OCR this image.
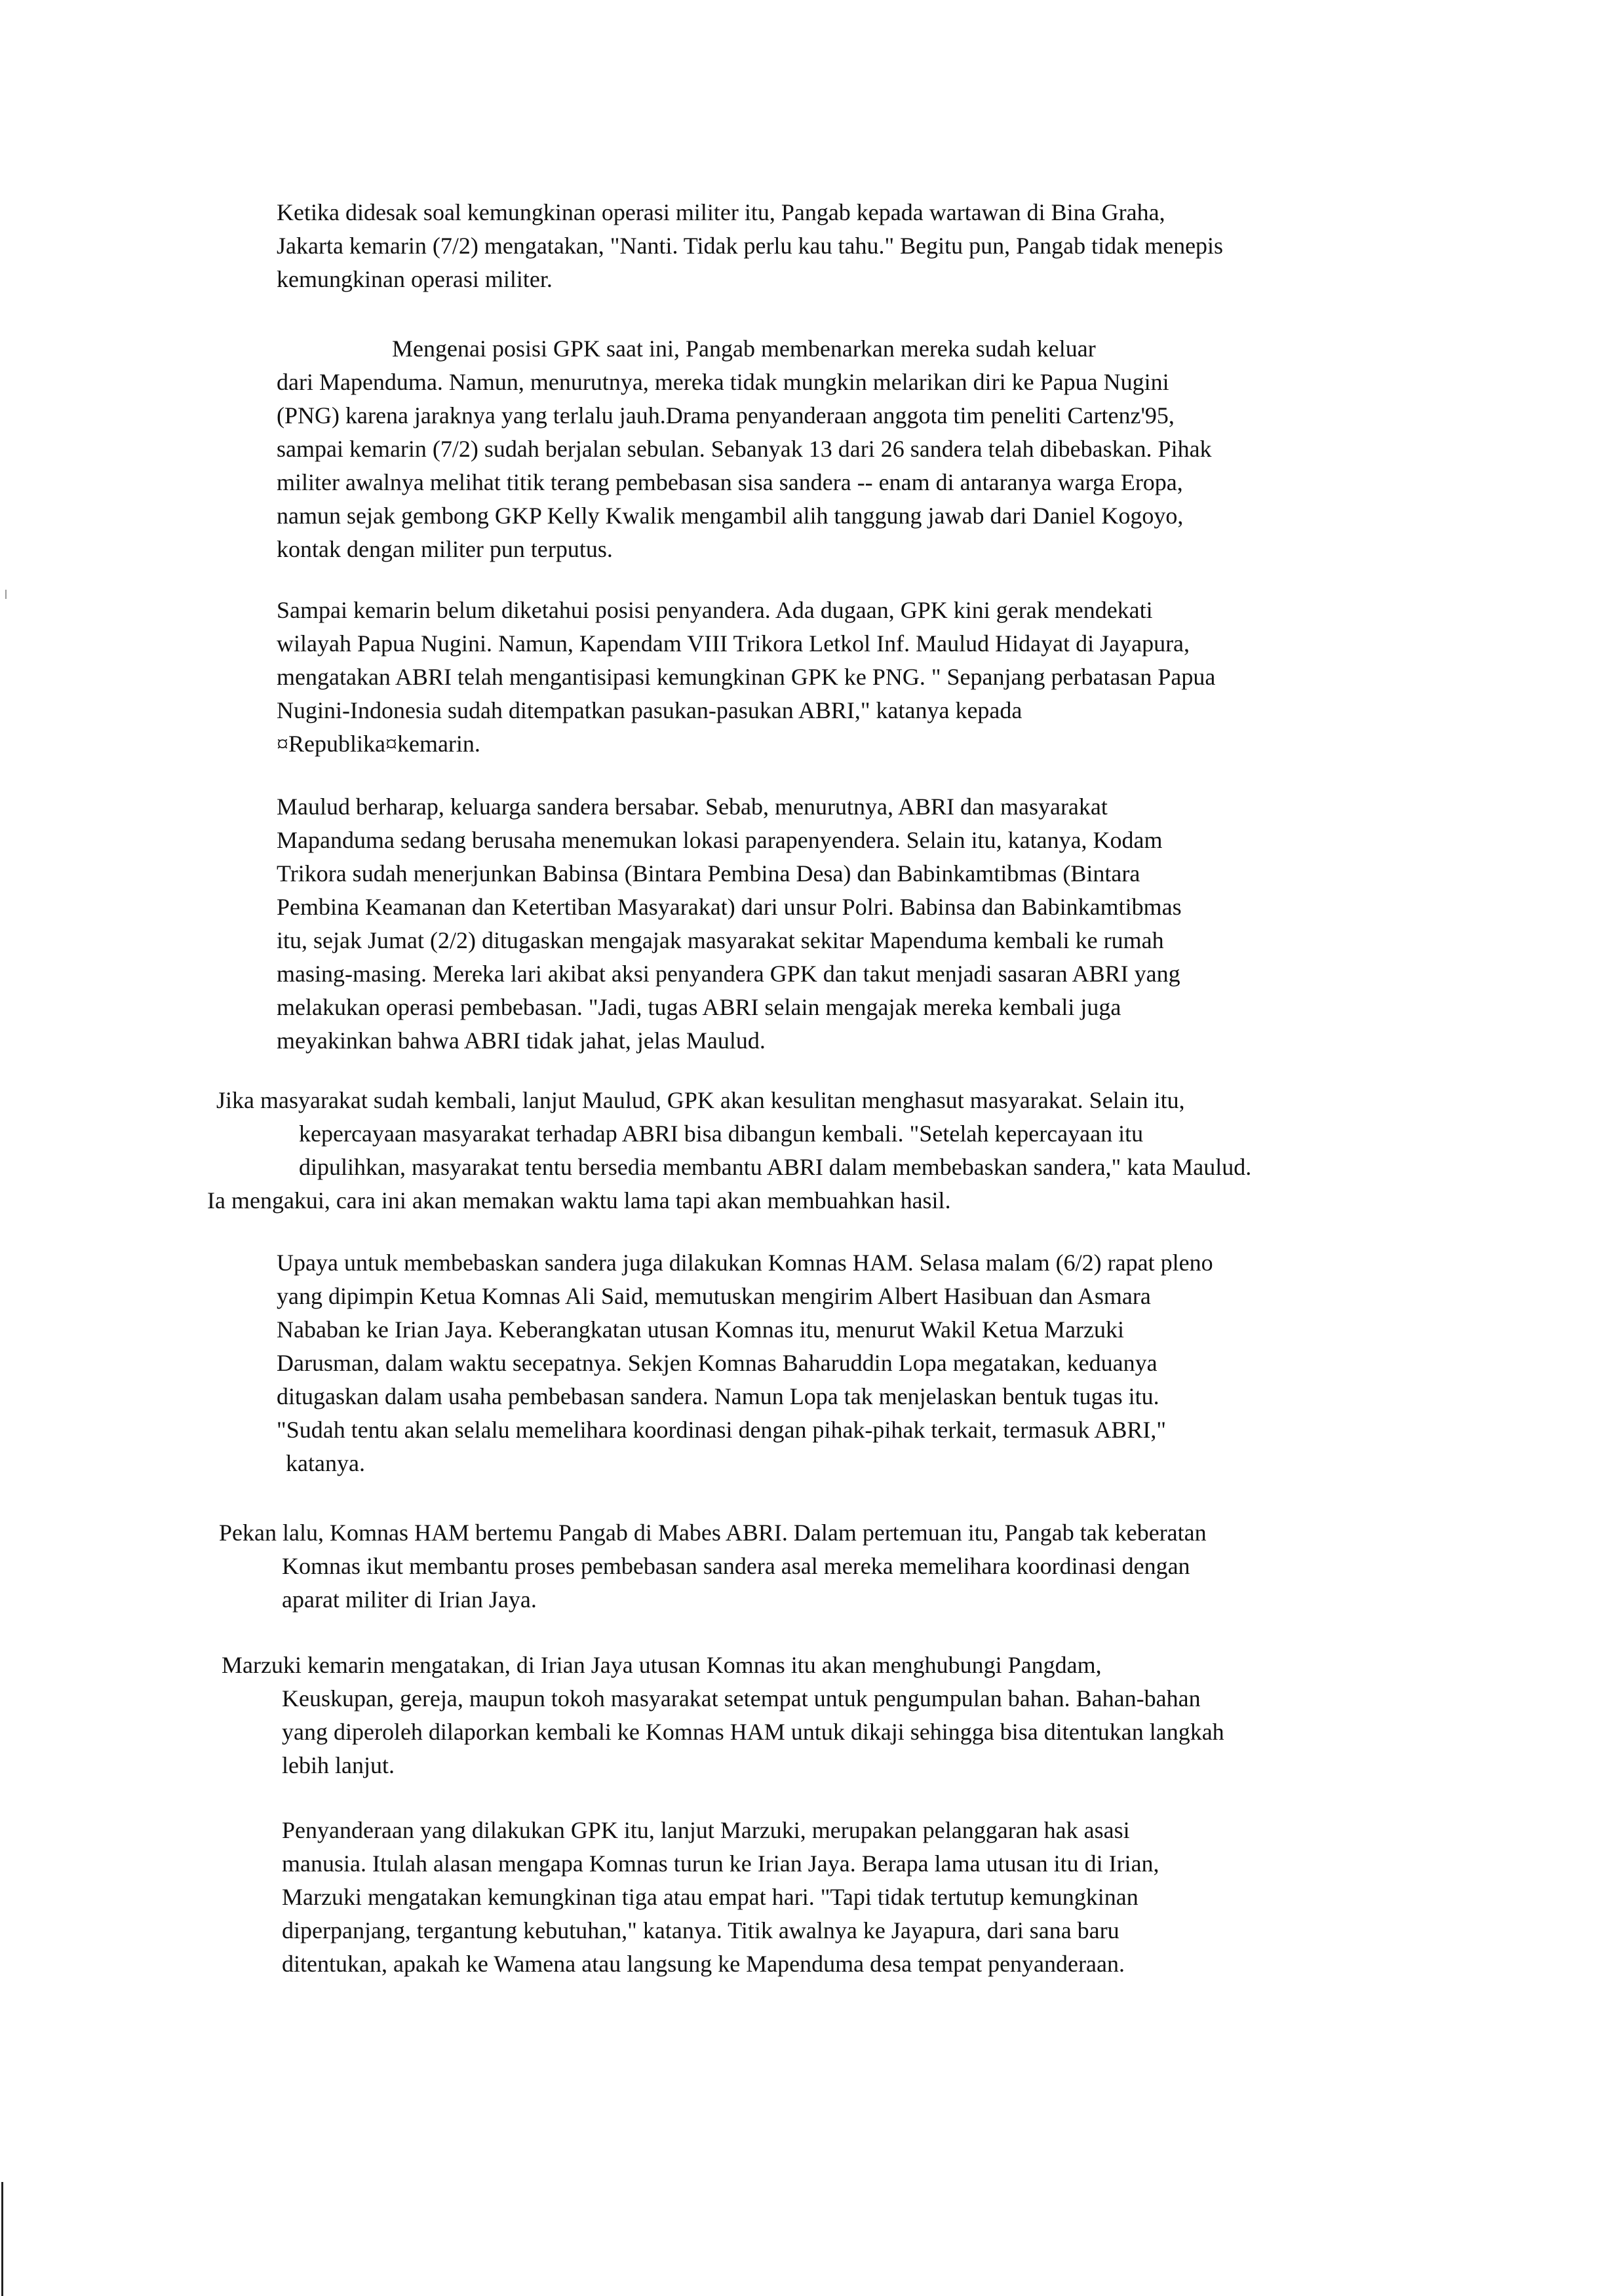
Ketika didesak soal kemungkinan operasi militer itu, Pangab kepada wartawan di Bina Graha,
Jakarta kemarin (7/2) mengatakan, "Nanti. Tidak perlu kau tahu." Begitu pun, Pangab tidak menepis
kemungkinan operasi militer.
Mengenai posisi GPK saat ini, Pangab membenarkan mereka sudah keluar
dari Mapenduma. Namun, menurutnya, mereka tidak mungkin melarikan diri ke Papua Nugini
(PNG) karena jaraknya yang terlalu jauh.Drama penyanderaan anggota tim peneliti Cartenz'95,
sampai kemarin (7/2) sudah berjalan sebulan. Sebanyak 13 dari 26 sandera telah dibebaskan. Pihak
militer awalnya melihat titik terang pembebasan sisa sandera -- enam di antaranya warga Eropa,
namun sejak gembong GKP Kelly Kwalik mengambil alih tanggung jawab dari Daniel Kogoyo,
kontak dengan militer pun terputus.
Sampai kemarin belum diketahui posisi penyandera. Ada dugaan, GPK kini gerak mendekati
wilayah Papua Nugini. Namun, Kapendam VIII Trikora Letkol Inf. Maulud Hidayat di Jayapura,
mengatakan ABRI telah mengantisipasi kemungkinan GPK ke PNG. " Sepanjang perbatasan Papua
Nugini-Indonesia sudah ditempatkan pasukan-pasukan ABRI," katanya kepada
¤Republika¤kemarin.
Maulud berharap, keluarga sandera bersabar. Sebab, menurutnya, ABRI dan masyarakat
Mapanduma sedang berusaha menemukan lokasi parapenyendera. Selain itu, katanya, Kodam
Trikora sudah menerjunkan Babinsa (Bintara Pembina Desa) dan Babinkamtibmas (Bintara
Pembina Keamanan dan Ketertiban Masyarakat) dari unsur Polri. Babinsa dan Babinkamtibmas
itu, sejak Jumat (2/2) ditugaskan mengajak masyarakat sekitar Mapenduma kembali ke rumah
masing-masing. Mereka lari akibat aksi penyandera GPK dan takut menjadi sasaran ABRI yang
melakukan operasi pembebasan. "Jadi, tugas ABRI selain mengajak mereka kembali juga
meyakinkan bahwa ABRI tidak jahat, jelas Maulud.
Jika masyarakat sudah kembali, lanjut Maulud, GPK akan kesulitan menghasut masyarakat. Selain itu,
kepercayaan masyarakat terhadap ABRI bisa dibangun kembali. "Setelah kepercayaan itu
dipulihkan, masyarakat tentu bersedia membantu ABRI dalam membebaskan sandera," kata Maulud.
Ia mengakui, cara ini akan memakan waktu lama tapi akan membuahkan hasil.
Upaya untuk membebaskan sandera juga dilakukan Komnas HAM. Selasa malam (6/2) rapat pleno
yang dipimpin Ketua Komnas Ali Said, memutuskan mengirim Albert Hasibuan dan Asmara
Nababan ke Irian Jaya. Keberangkatan utusan Komnas itu, menurut Wakil Ketua Marzuki
Darusman, dalam waktu secepatnya. Sekjen Komnas Baharuddin Lopa megatakan, keduanya
ditugaskan dalam usaha pembebasan sandera. Namun Lopa tak menjelaskan bentuk tugas itu.
"Sudah tentu akan selalu memelihara koordinasi dengan pihak-pihak terkait, termasuk ABRI,"
katanya.
Pekan lalu, Komnas HAM bertemu Pangab di Mabes ABRI. Dalam pertemuan itu, Pangab tak keberatan
Komnas ikut membantu proses pembebasan sandera asal mereka memelihara koordinasi dengan
aparat militer di Irian Jaya.
Marzuki kemarin mengatakan, di Irian Jaya utusan Komnas itu akan menghubungi Pangdam,
Keuskupan, gereja, maupun tokoh masyarakat setempat untuk pengumpulan bahan. Bahan-bahan
yang diperoleh dilaporkan kembali ke Komnas HAM untuk dikaji sehingga bisa ditentukan langkah
lebih lanjut.
Penyanderaan yang dilakukan GPK itu, lanjut Marzuki, merupakan pelanggaran hak asasi
manusia. Itulah alasan mengapa Komnas turun ke Irian Jaya. Berapa lama utusan itu di Irian,
Marzuki mengatakan kemungkinan tiga atau empat hari. "Tapi tidak tertutup kemungkinan
diperpanjang, tergantung kebutuhan," katanya. Titik awalnya ke Jayapura, dari sana baru
ditentukan, apakah ke Wamena atau langsung ke Mapenduma desa tempat penyanderaan.
